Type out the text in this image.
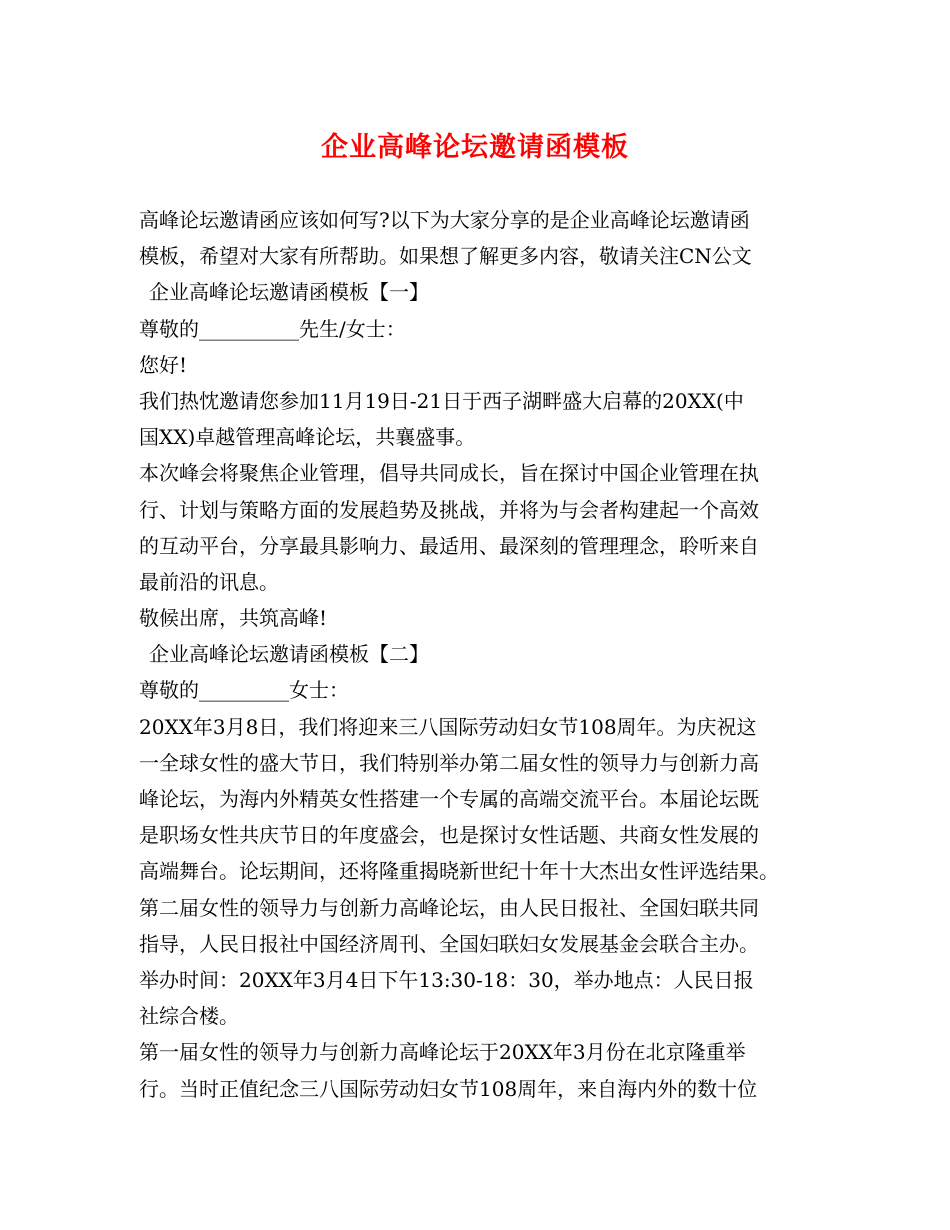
企业高峰论坛邀请函模板
高峰论坛邀请函应该如何写?以下为大家分享的是企业高峰论坛邀请函
模板，希望对大家有所帮助。如果想了解更多内容，敬请关注CN公文
企业高峰论坛邀请函模板【一】
尊敬的__________先生/女士：
您好!
我们热忱邀请您参加11月19日-21日于西子湖畔盛大启幕的20XX(中
国XX)卓越管理高峰论坛，共襄盛事。
本次峰会将聚焦企业管理，倡导共同成长，旨在探讨中国企业管理在执
行、计划与策略方面的发展趋势及挑战，并将为与会者构建起一个高效
的互动平台，分享最具影响力、最适用、最深刻的管理理念，聆听来自
最前沿的讯息。
敬候出席，共筑高峰!
企业高峰论坛邀请函模板【二】
尊敬的_________女士：
20XX年3月8日，我们将迎来三八国际劳动妇女节108周年。为庆祝这
一全球女性的盛大节日，我们特别举办第二届女性的领导力与创新力高
峰论坛，为海内外精英女性搭建一个专属的高端交流平台。本届论坛既
是职场女性共庆节日的年度盛会，也是探讨女性话题、共商女性发展的
高端舞台。论坛期间，还将隆重揭晓新世纪十年十大杰出女性评选结果。
第二届女性的领导力与创新力高峰论坛，由人民日报社、全国妇联共同
指导，人民日报社中国经济周刊、全国妇联妇女发展基金会联合主办。
举办时间：20XX年3月4日下午13:30-18：30，举办地点：人民日报
社综合楼。
第一届女性的领导力与创新力高峰论坛于20XX年3月份在北京隆重举
行。当时正值纪念三八国际劳动妇女节108周年，来自海内外的数十位
